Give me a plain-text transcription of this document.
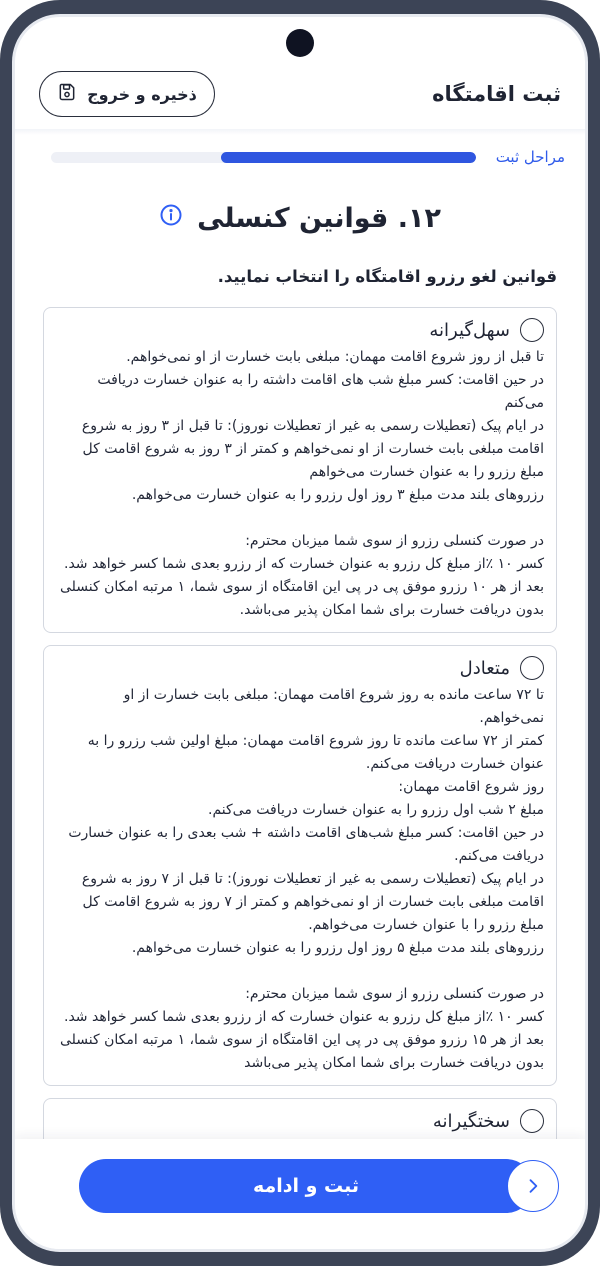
ثبت اقامتگاه
ذخیره و خروج
مراحل ثبت
۱۲. قوانین کنسلی
قوانین لغو رزرو اقامتگاه را انتخاب نمایید.
سهل‌گیرانه
تا قبل از روز شروع اقامت مهمان: مبلغی بابت خسارت از او نمی‌خواهم.
در حین اقامت: کسر مبلغ شب های اقامت داشته را به عنوان خسارت دریافت می‌کنم
در ایام پیک (تعطیلات رسمی به غیر از تعطیلات نوروز): تا قبل از ۳ روز به شروع اقامت مبلغی بابت خسارت از او نمی‌خواهم و کمتر از ۳ روز به شروع اقامت کل مبلغ رزرو را به عنوان خسارت می‌خواهم
رزروهای بلند مدت مبلغ ۳ روز اول رزرو را به عنوان خسارت می‌خواهم.

در صورت کنسلی رزرو از سوی شما میزبان محترم:
کسر ۱۰ ٪از مبلغ کل رزرو به عنوان خسارت که از رزرو بعدی شما کسر خواهد شد.
بعد از هر ۱۰ رزرو موفق پی در پی این اقامتگاه از سوی شما، ۱ مرتبه امکان کنسلی بدون دریافت خسارت برای شما امکان پذیر می‌باشد.
متعادل
تا ۷۲ ساعت مانده به روز شروع اقامت مهمان: مبلغی بابت خسارت از او نمی‌خواهم.
کمتر از ۷۲ ساعت مانده تا روز شروع اقامت مهمان: مبلغ اولین شب رزرو را به عنوان خسارت دریافت می‌کنم.
روز شروع اقامت مهمان:
مبلغ ۲ شب اول رزرو را به عنوان خسارت دریافت می‌کنم.
در حین اقامت: کسر مبلغ شب‌های اقامت داشته + شب بعدی را به عنوان خسارت دریافت می‌کنم.
در ایام پیک (تعطیلات رسمی به غیر از تعطیلات نوروز): تا قبل از ۷ روز به شروع اقامت مبلغی بابت خسارت از او نمی‌خواهم و کمتر از ۷ روز به شروع اقامت کل مبلغ رزرو را با عنوان خسارت می‌خواهم.
رزروهای بلند مدت مبلغ ۵ روز اول رزرو را به عنوان خسارت می‌خواهم.

در صورت کنسلی رزرو از سوی شما میزبان محترم:
کسر ۱۰ ٪از مبلغ کل رزرو به عنوان خسارت که از رزرو بعدی شما کسر خواهد شد.
بعد از هر ۱۵ رزرو موفق پی در پی این اقامتگاه از سوی شما، ۱ مرتبه امکان کنسلی بدون دریافت خسارت برای شما امکان پذیر می‌باشد
سختگیرانه
ثبت و ادامه
